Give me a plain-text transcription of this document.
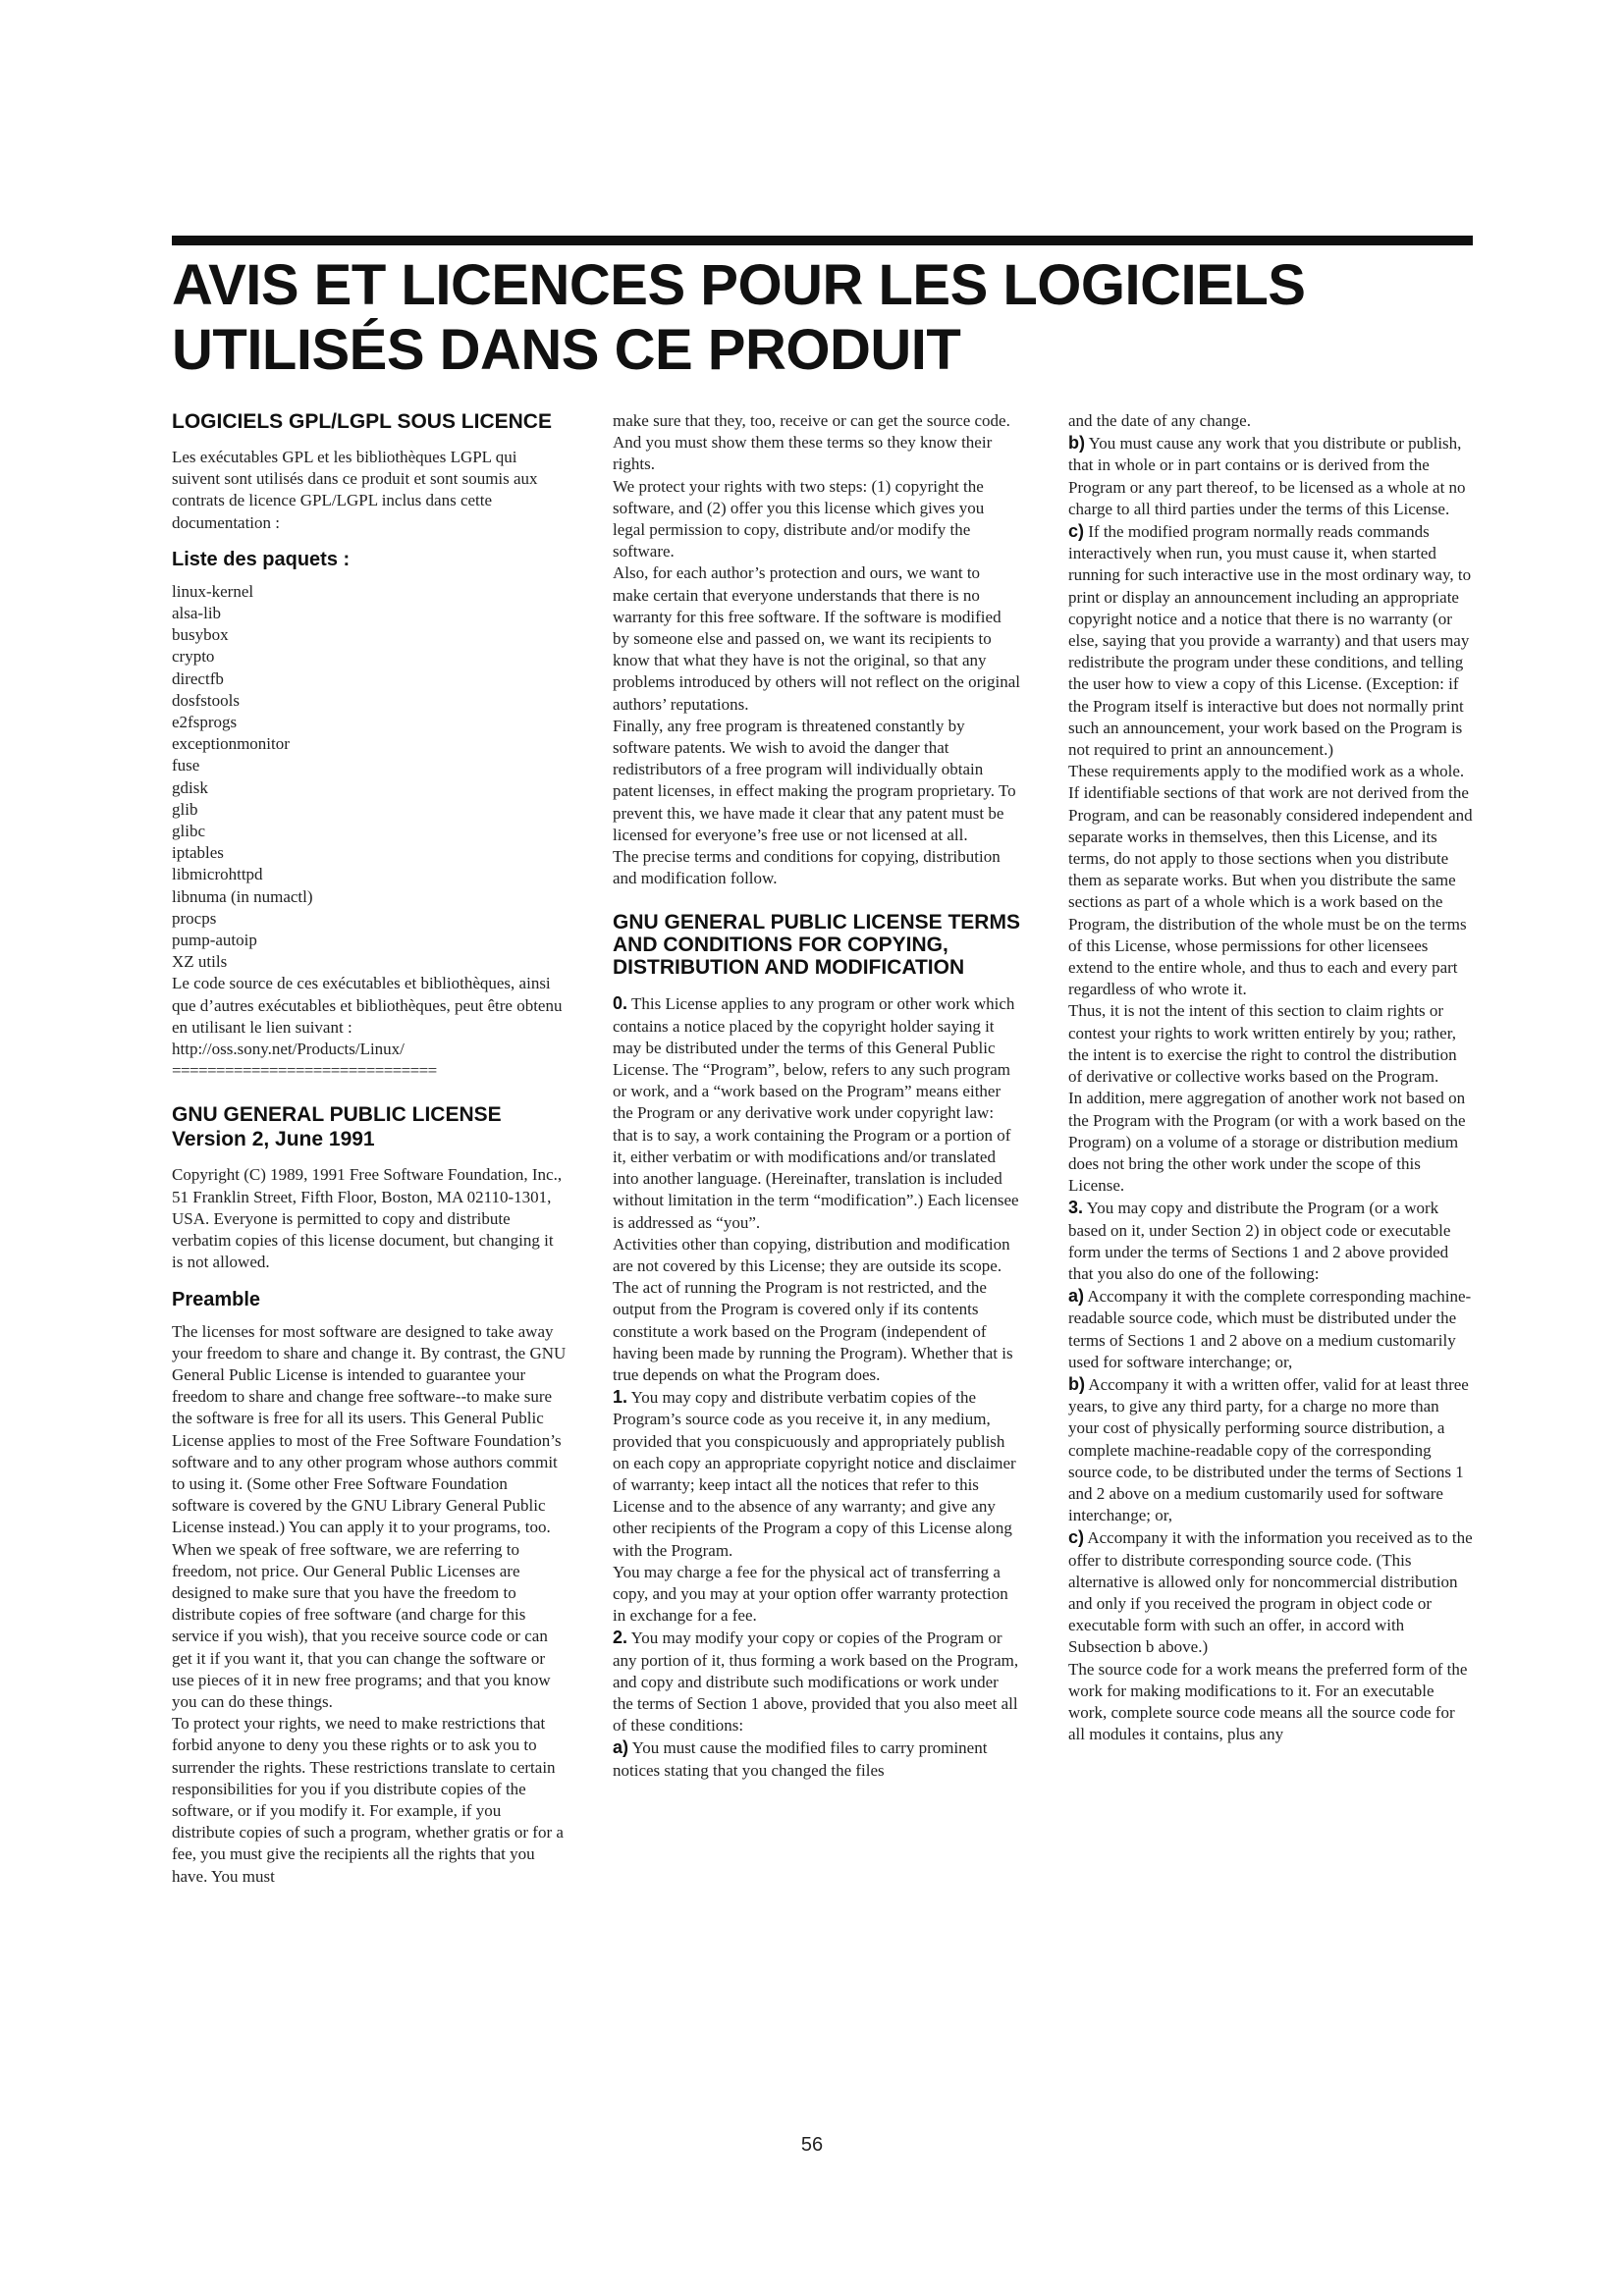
AVIS ET LICENCES POUR LES LOGICIELS UTILISÉS DANS CE PRODUIT
LOGICIELS GPL/LGPL SOUS LICENCE

Les exécutables GPL et les bibliothèques LGPL qui suivent sont utilisés dans ce produit et sont soumis aux contrats de licence GPL/LGPL inclus dans cette documentation :

Liste des paquets :
linux-kernel
alsa-lib
busybox
crypto
directfb
dosfstools
e2fsprogs
exceptionmonitor
fuse
gdisk
glib
glibc
iptables
libmicrohttpd
libnuma (in numactl)
procps
pump-autoip
XZ utils

Le code source de ces exécutables et bibliothèques, ainsi que d’autres exécutables et bibliothèques, peut être obtenu en utilisant le lien suivant :

http://oss.sony.net/Products/Linux/

==============================

GNU GENERAL PUBLIC LICENSE
Version 2, June 1991

Copyright (C) 1989, 1991 Free Software Foundation, Inc., 51 Franklin Street, Fifth Floor, Boston, MA 02110-1301, USA. Everyone is permitted to copy and distribute verbatim copies of this license document, but changing it is not allowed.

Preamble

The licenses for most software are designed to take away your freedom to share and change it. By contrast, the GNU General Public License is intended to guarantee your freedom to share and change free software--to make sure the software is free for all its users. This General Public License applies to most of the Free Software Foundation’s software and to any other program whose authors commit to using it. (Some other Free Software Foundation software is covered by the GNU Library General Public License instead.) You can apply it to your programs, too.

When we speak of free software, we are referring to freedom, not price. Our General Public Licenses are designed to make sure that you have the freedom to distribute copies of free software (and charge for this service if you wish), that you receive source code or can get it if you want it, that you can change the software or use pieces of it in new free programs; and that you know you can do these things.

To protect your rights, we need to make restrictions that forbid anyone to deny you these rights or to ask you to surrender the rights. These restrictions translate to certain responsibilities for you if you distribute copies of the software, or if you modify it. For example, if you distribute copies of such a program, whether gratis or for a fee, you must give the recipients all the rights that you have. You must

make sure that they, too, receive or can get the source code. And you must show them these terms so they know their rights.

We protect your rights with two steps: (1) copyright the software, and (2) offer you this license which gives you legal permission to copy, distribute and/or modify the software.

Also, for each author’s protection and ours, we want to make certain that everyone understands that there is no warranty for this free software. If the software is modified by someone else and passed on, we want its recipients to know that what they have is not the original, so that any problems introduced by others will not reflect on the original authors’ reputations.

Finally, any free program is threatened constantly by software patents. We wish to avoid the danger that redistributors of a free program will individually obtain patent licenses, in effect making the program proprietary. To prevent this, we have made it clear that any patent must be licensed for everyone’s free use or not licensed at all.

The precise terms and conditions for copying, distribution and modification follow.

GNU GENERAL PUBLIC LICENSE TERMS AND CONDITIONS FOR COPYING, DISTRIBUTION AND MODIFICATION

0. This License applies to any program or other work which contains a notice placed by the copyright holder saying it may be distributed under the terms of this General Public License. The “Program”, below, refers to any such program or work, and a “work based on the Program” means either the Program or any derivative work under copyright law: that is to say, a work containing the Program or a portion of it, either verbatim or with modifications and/or translated into another language. (Hereinafter, translation is included without limitation in the term “modification”.) Each licensee is addressed as “you”.

Activities other than copying, distribution and modification are not covered by this License; they are outside its scope. The act of running the Program is not restricted, and the output from the Program is covered only if its contents constitute a work based on the Program (independent of having been made by running the Program). Whether that is true depends on what the Program does.

1. You may copy and distribute verbatim copies of the Program’s source code as you receive it, in any medium, provided that you conspicuously and appropriately publish on each copy an appropriate copyright notice and disclaimer of warranty; keep intact all the notices that refer to this License and to the absence of any warranty; and give any other recipients of the Program a copy of this License along with the Program.

You may charge a fee for the physical act of transferring a copy, and you may at your option offer warranty protection in exchange for a fee.

2. You may modify your copy or copies of the Program or any portion of it, thus forming a work based on the Program, and copy and distribute such modifications or work under the terms of Section 1 above, provided that you also meet all of these conditions:

a) You must cause the modified files to carry prominent notices stating that you changed the files

and the date of any change.

b) You must cause any work that you distribute or publish, that in whole or in part contains or is derived from the Program or any part thereof, to be licensed as a whole at no charge to all third parties under the terms of this License.

c) If the modified program normally reads commands interactively when run, you must cause it, when started running for such interactive use in the most ordinary way, to print or display an announcement including an appropriate copyright notice and a notice that there is no warranty (or else, saying that you provide a warranty) and that users may redistribute the program under these conditions, and telling the user how to view a copy of this License. (Exception: if the Program itself is interactive but does not normally print such an announcement, your work based on the Program is not required to print an announcement.)

These requirements apply to the modified work as a whole. If identifiable sections of that work are not derived from the Program, and can be reasonably considered independent and separate works in themselves, then this License, and its terms, do not apply to those sections when you distribute them as separate works. But when you distribute the same sections as part of a whole which is a work based on the Program, the distribution of the whole must be on the terms of this License, whose permissions for other licensees extend to the entire whole, and thus to each and every part regardless of who wrote it.

Thus, it is not the intent of this section to claim rights or contest your rights to work written entirely by you; rather, the intent is to exercise the right to control the distribution of derivative or collective works based on the Program.

In addition, mere aggregation of another work not based on the Program with the Program (or with a work based on the Program) on a volume of a storage or distribution medium does not bring the other work under the scope of this License.

3. You may copy and distribute the Program (or a work based on it, under Section 2) in object code or executable form under the terms of Sections 1 and 2 above provided that you also do one of the following:

a) Accompany it with the complete corresponding machine-readable source code, which must be distributed under the terms of Sections 1 and 2 above on a medium customarily used for software interchange; or,

b) Accompany it with a written offer, valid for at least three years, to give any third party, for a charge no more than your cost of physically performing source distribution, a complete machine-readable copy of the corresponding source code, to be distributed under the terms of Sections 1 and 2 above on a medium customarily used for software interchange; or,

c) Accompany it with the information you received as to the offer to distribute corresponding source code. (This alternative is allowed only for noncommercial distribution and only if you received the program in object code or executable form with such an offer, in accord with Subsection b above.)

The source code for a work means the preferred form of the work for making modifications to it. For an executable work, complete source code means all the source code for all modules it contains, plus any

56
